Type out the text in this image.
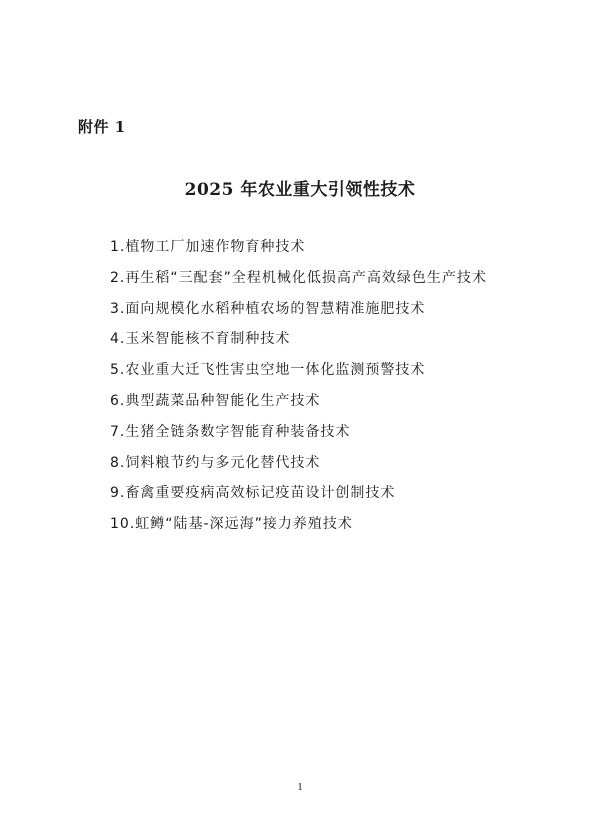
附件 1
2025 年农业重大引领性技术
1.植物工厂加速作物育种技术
2.再生稻“三配套”全程机械化低损高产高效绿色生产技术
3.面向规模化水稻种植农场的智慧精准施肥技术
4.玉米智能核不育制种技术
5.农业重大迁飞性害虫空地一体化监测预警技术
6.典型蔬菜品种智能化生产技术
7.生猪全链条数字智能育种装备技术
8.饲料粮节约与多元化替代技术
9.畜禽重要疫病高效标记疫苗设计创制技术
10.虹鳟“陆基-深远海”接力养殖技术
1
